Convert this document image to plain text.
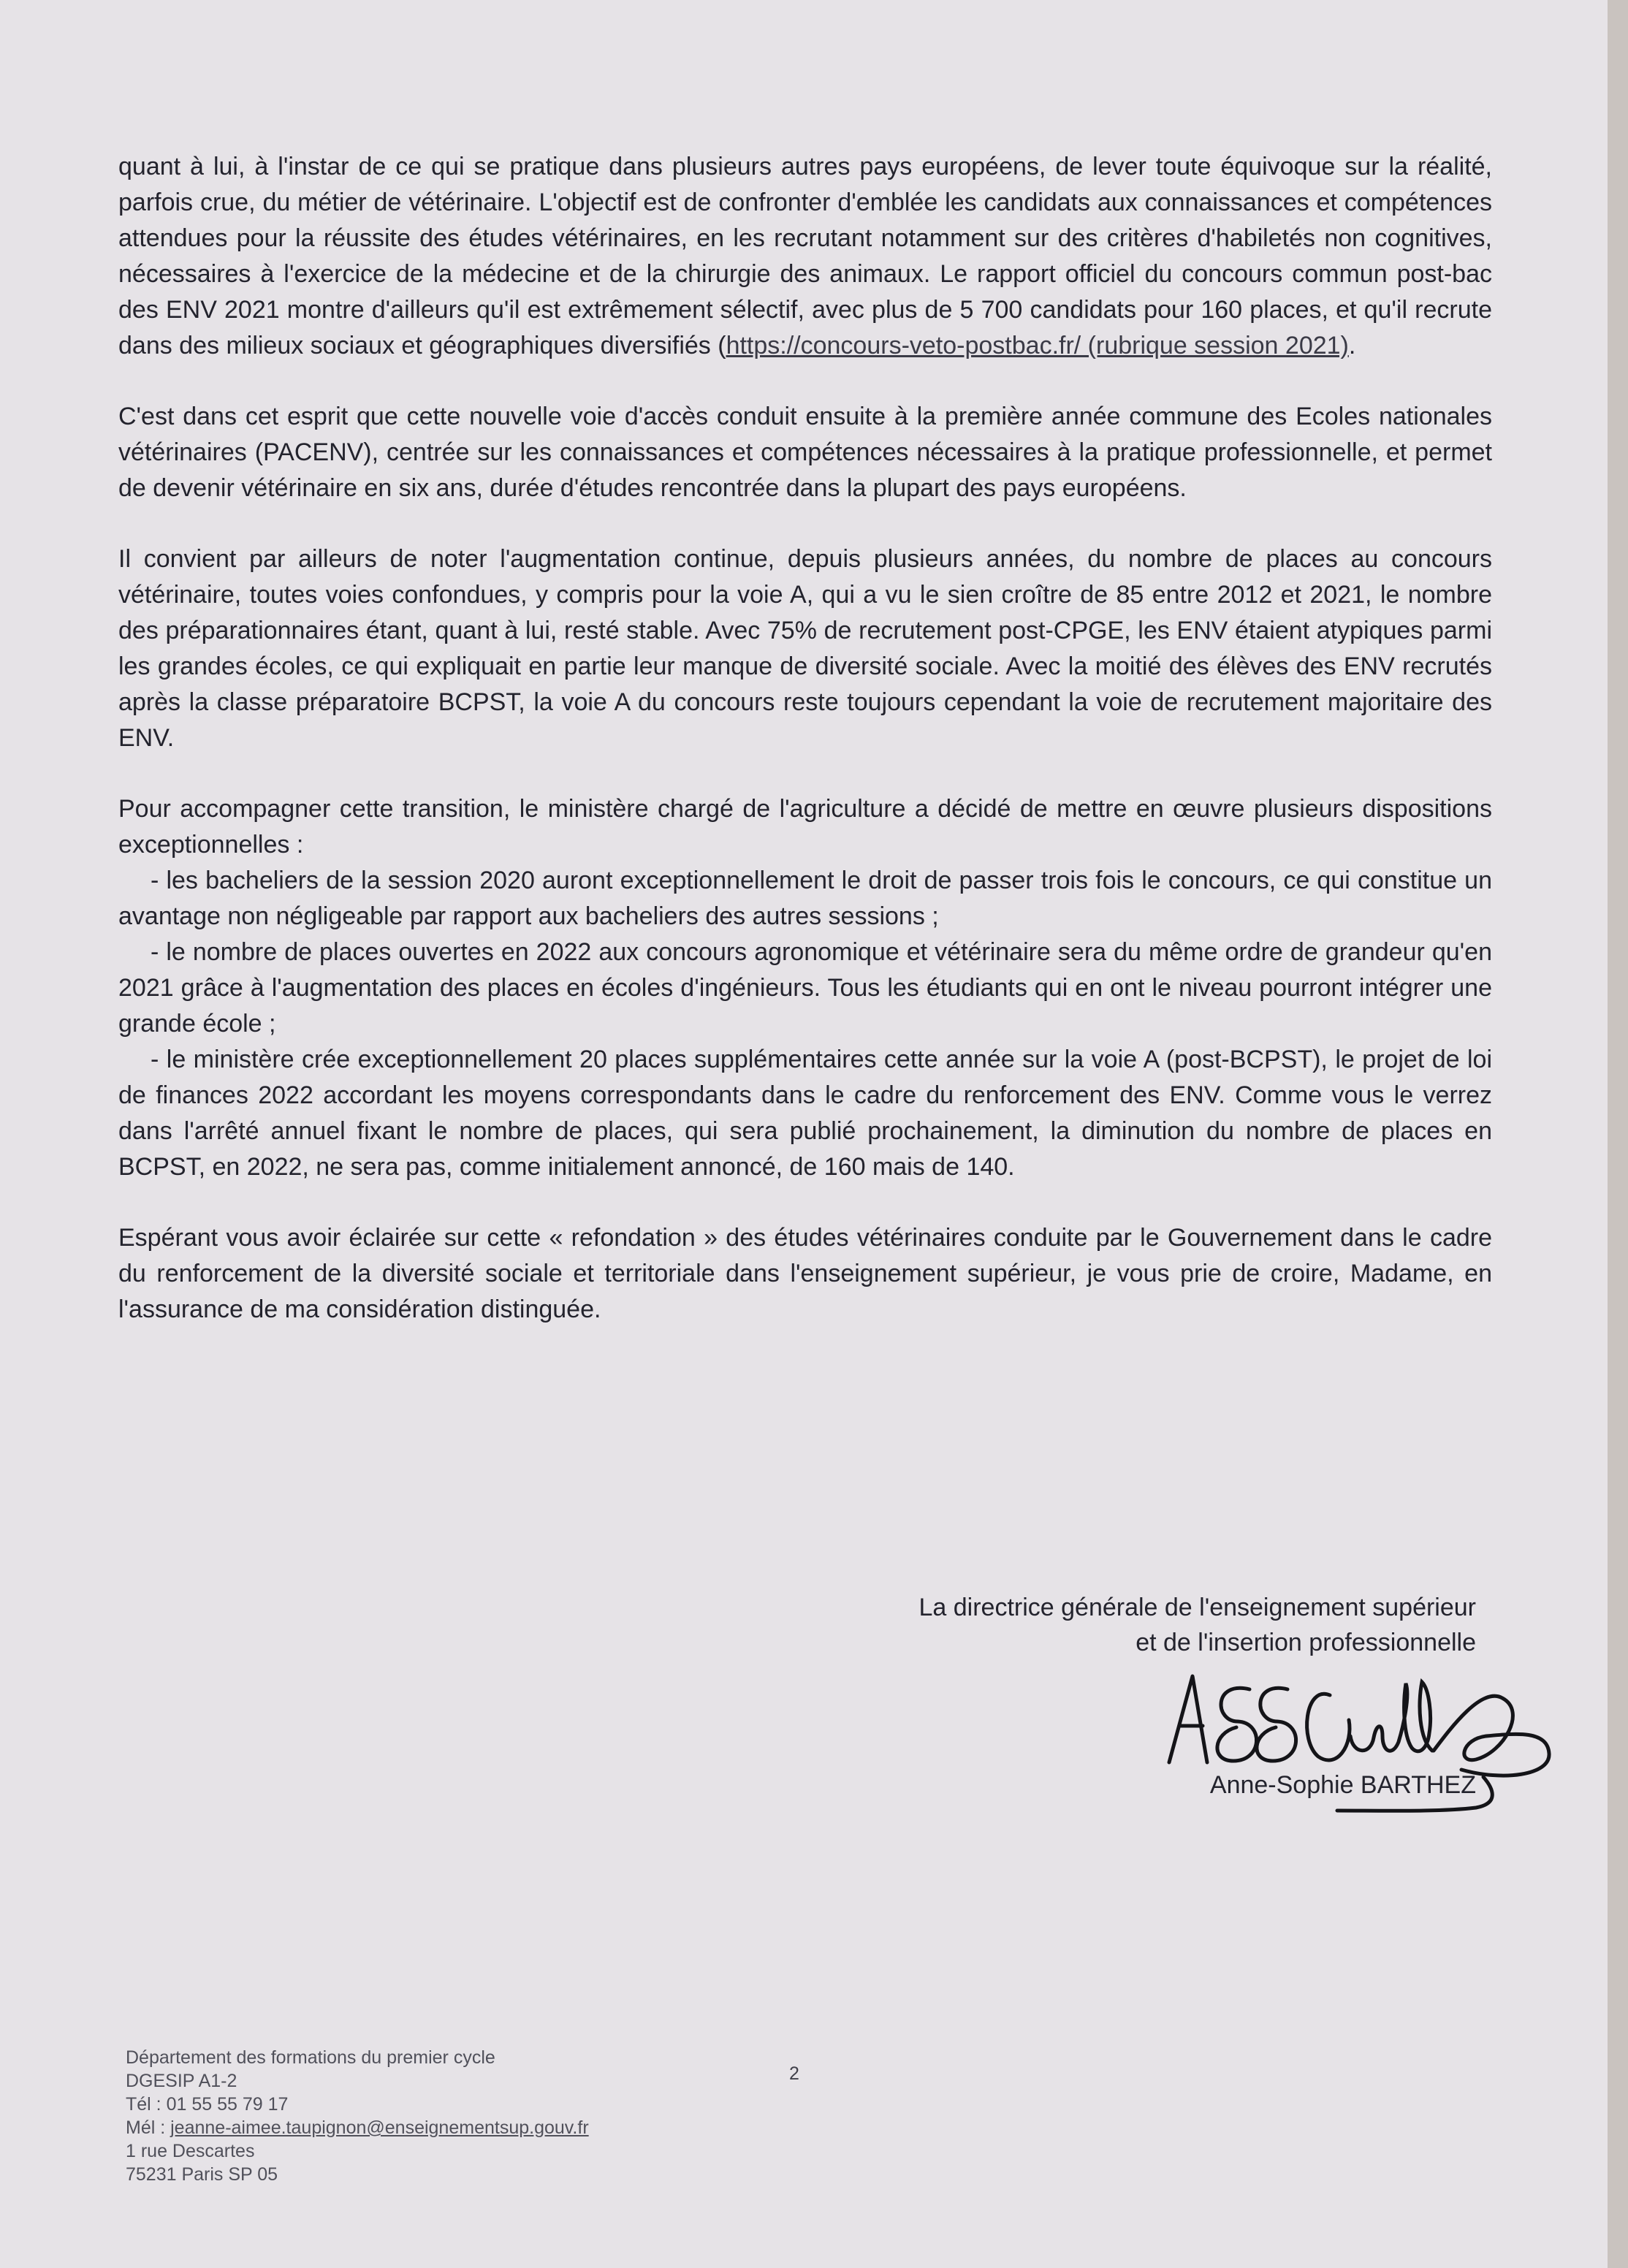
quant à lui, à l'instar de ce qui se pratique dans plusieurs autres pays européens, de lever toute équivoque sur la réalité, parfois crue, du métier de vétérinaire. L'objectif est de confronter d'emblée les candidats aux connaissances et compétences attendues pour la réussite des études vétérinaires, en les recrutant notamment sur des critères d'habiletés non cognitives, nécessaires à l'exercice de la médecine et de la chirurgie des animaux. Le rapport officiel du concours commun post-bac des ENV 2021 montre d'ailleurs qu'il est extrêmement sélectif, avec plus de 5 700 candidats pour 160 places, et qu'il recrute dans des milieux sociaux et géographiques diversifiés (https://concours-veto-postbac.fr/ (rubrique session 2021).

C'est dans cet esprit que cette nouvelle voie d'accès conduit ensuite à la première année commune des Ecoles nationales vétérinaires (PACENV), centrée sur les connaissances et compétences nécessaires à la pratique professionnelle, et permet de devenir vétérinaire en six ans, durée d'études rencontrée dans la plupart des pays européens.

Il convient par ailleurs de noter l'augmentation continue, depuis plusieurs années, du nombre de places au concours vétérinaire, toutes voies confondues, y compris pour la voie A, qui a vu le sien croître de 85 entre 2012 et 2021, le nombre des préparationnaires étant, quant à lui, resté stable. Avec 75% de recrutement post-CPGE, les ENV étaient atypiques parmi les grandes écoles, ce qui expliquait en partie leur manque de diversité sociale. Avec la moitié des élèves des ENV recrutés après la classe préparatoire BCPST, la voie A du concours reste toujours cependant la voie de recrutement majoritaire des ENV.

Pour accompagner cette transition, le ministère chargé de l'agriculture a décidé de mettre en œuvre plusieurs dispositions exceptionnelles :

- les bacheliers de la session 2020 auront exceptionnellement le droit de passer trois fois le concours, ce qui constitue un avantage non négligeable par rapport aux bacheliers des autres sessions ;

- le nombre de places ouvertes en 2022 aux concours agronomique et vétérinaire sera du même ordre de grandeur qu'en 2021 grâce à l'augmentation des places en écoles d'ingénieurs. Tous les étudiants qui en ont le niveau pourront intégrer une grande école ;

- le ministère crée exceptionnellement 20 places supplémentaires cette année sur la voie A (post-BCPST), le projet de loi de finances 2022 accordant les moyens correspondants dans le cadre du renforcement des ENV. Comme vous le verrez dans l'arrêté annuel fixant le nombre de places, qui sera publié prochainement, la diminution du nombre de places en BCPST, en 2022, ne sera pas, comme initialement annoncé, de 160 mais de 140.

Espérant vous avoir éclairée sur cette « refondation » des études vétérinaires conduite par le Gouvernement dans le cadre du renforcement de la diversité sociale et territoriale dans l'enseignement supérieur, je vous prie de croire, Madame, en l'assurance de ma considération distinguée.

La directrice générale de l'enseignement supérieur
et de l'insertion professionnelle
Anne-Sophie BARTHEZ
Département des formations du premier cycle
DGESIP A1-2
Tél : 01 55 55 79 17
Mél : jeanne-aimee.taupignon@enseignementsup.gouv.fr
1 rue Descartes
75231 Paris SP 05
2
